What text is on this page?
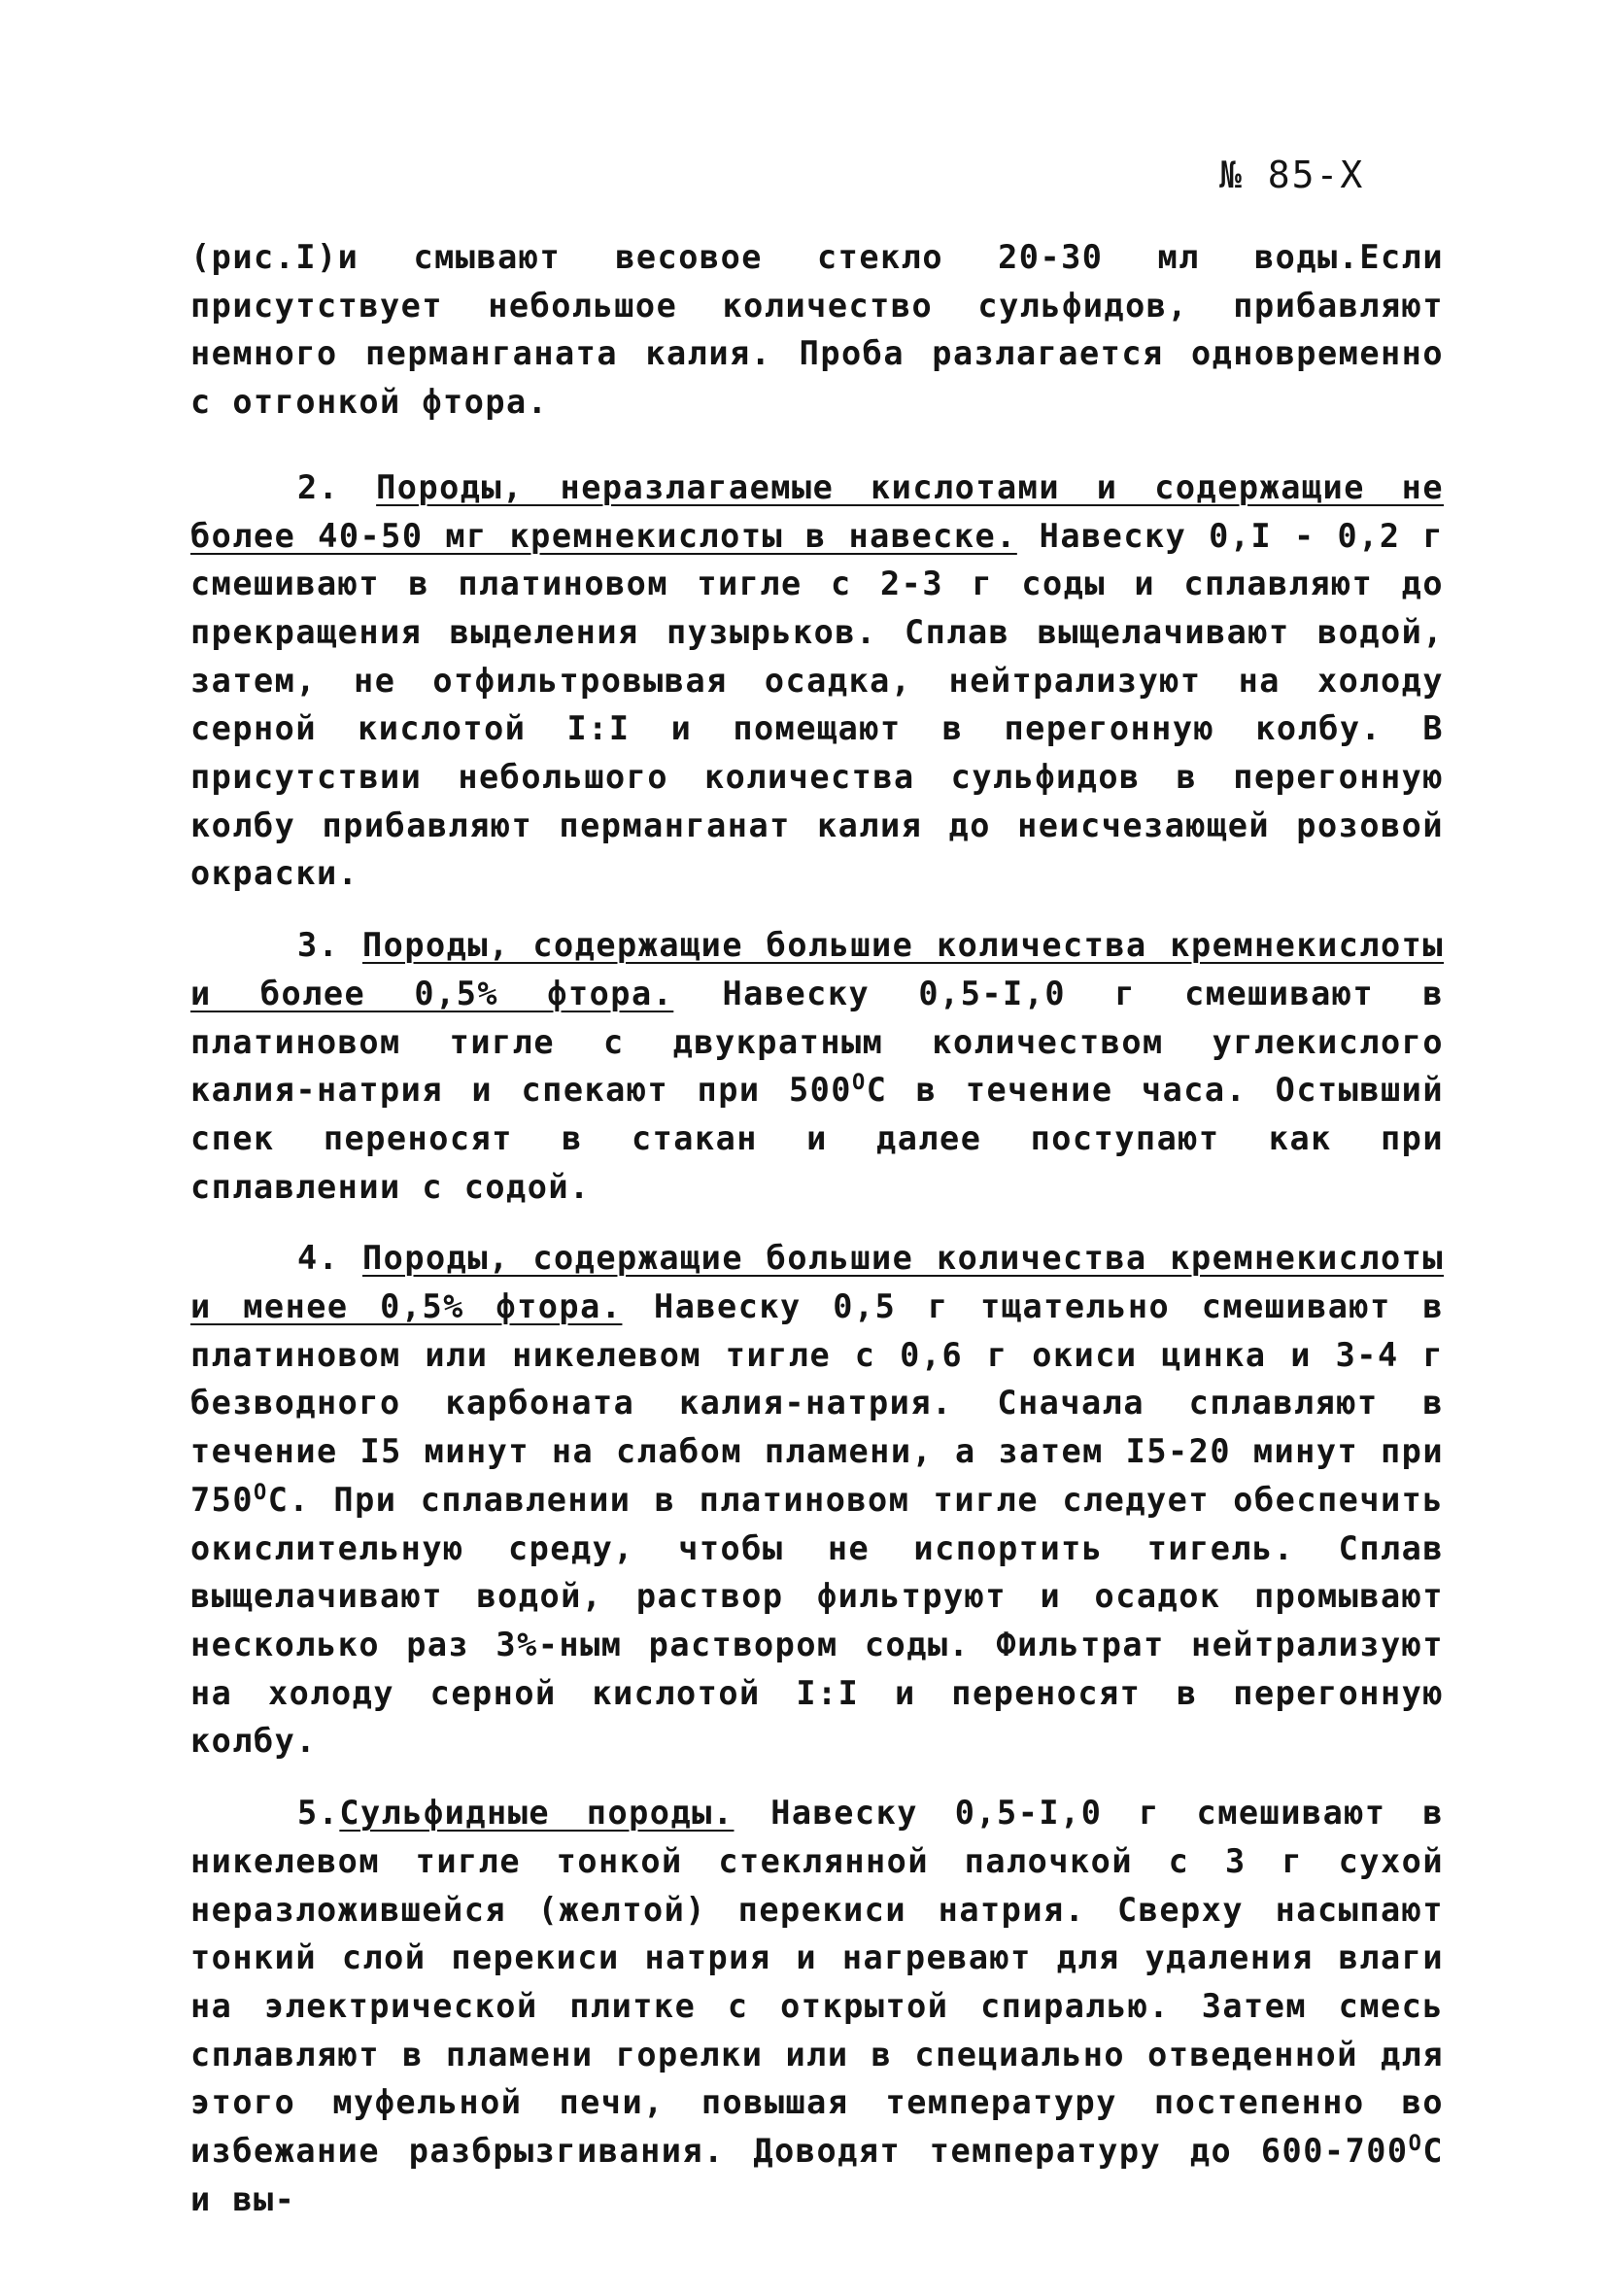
№ 85-Х

(рис.I)и смывают весовое стекло 20-30 мл воды.Если присутствует небольшое количество сульфидов, прибавляют немного перманганата калия. Проба разлагается одновременно с отгонкой фтора.

2. Породы, неразлагаемые кислотами и содержащие не более 40-50 мг кремнекислоты в навеске. Навеску 0,I - 0,2 г смешивают в платиновом тигле с 2-3 г соды и сплавляют до прекращения выделения пузырьков. Сплав выщелачивают водой, затем, не отфильтровывая осадка, нейтрализуют на холоду серной кислотой I:I и помещают в перегонную колбу. В присутствии небольшого количества сульфидов в перегонную колбу прибавляют перманганат калия до неисчезающей розовой окраски.

3. Породы, содержащие большие количества кремнекислоты и более 0,5% фтора. Навеску 0,5-I,0 г смешивают в платиновом тигле с двукратным количеством углекислого калия-натрия и спекают при $500^ОС$ в течение часа. Остывший спек переносят в стакан и далее поступают как при сплавлении с содой.

4. Породы, содержащие большие количества кремнекислоты и менее 0,5% фтора. Навеску 0,5 г тщательно смешивают в платиновом или никелевом тигле с 0,6 г окиси цинка и 3-4 г безводного карбоната калия-натрия. Сначала сплавляют в течение I5 минут на слабом пламени, а затем I5-20 минут при $750^ОС$. При сплавлении в платиновом тигле следует обеспечить окислительную среду, чтобы не испортить тигель. Сплав выщелачивают водой, раствор фильтруют и осадок промывают несколько раз 3%-ным раствором соды. Фильтрат нейтрализуют на холоду серной кислотой I:I и переносят в перегонную колбу.

5.Сульфидные породы. Навеску 0,5-I,0 г смешивают в никелевом тигле тонкой стеклянной палочкой с 3 г сухой неразложившейся (желтой) перекиси натрия. Сверху насыпают тонкий слой перекиси натрия и нагревают для удаления влаги на электрической плитке с открытой спиралью. Затем смесь сплавляют в пламени горелки или в специально отведенной для этого муфельной печи, повышая температуру постепенно во избежание разбрызгивания. Доводят температуру до $600-700^ОС$ и вы-
